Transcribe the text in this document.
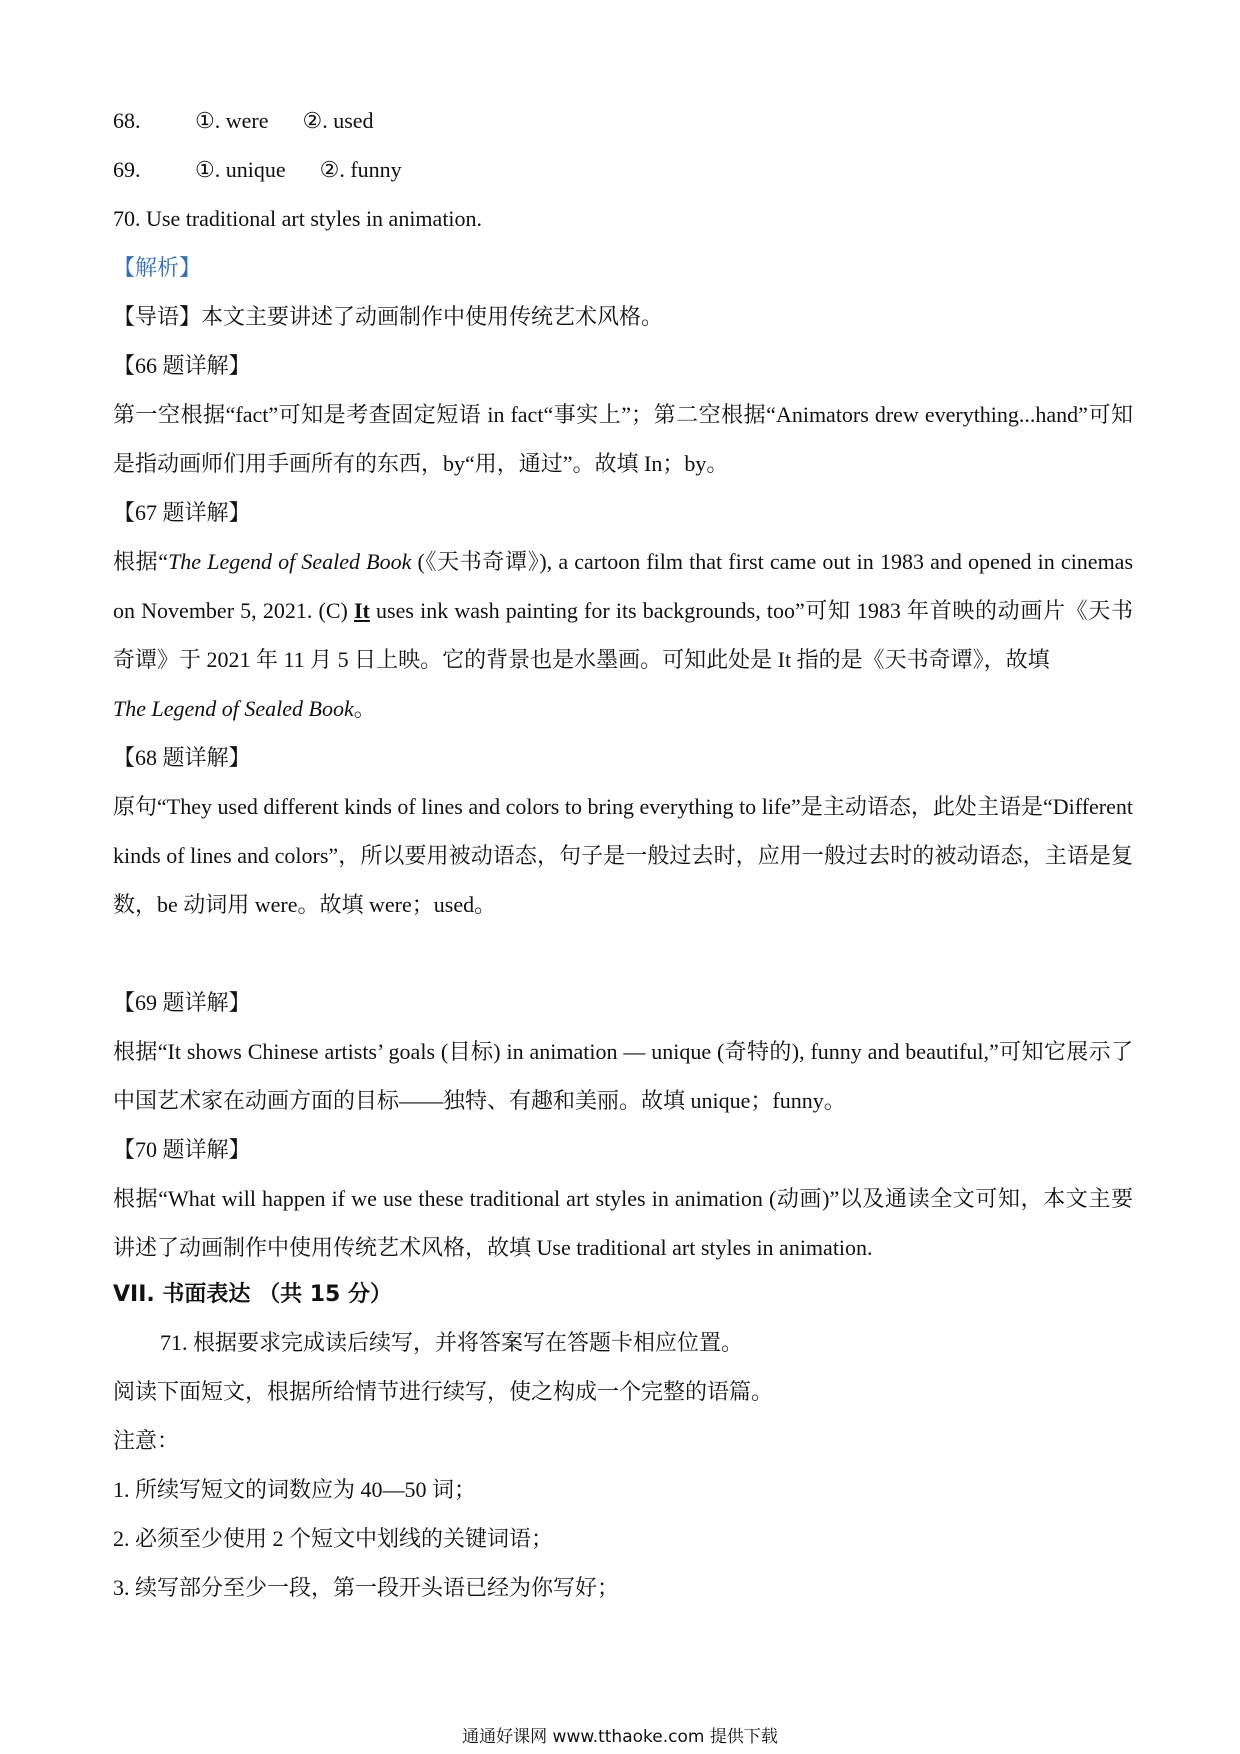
68. ①. were ②. used
69. ①. unique ②. funny
70. Use traditional art styles in animation.
【解析】
【导语】本文主要讲述了动画制作中使用传统艺术风格。
【66 题详解】
第一空根据“fact”可知是考查固定短语 in fact“事实上”；第二空根据“Animators drew everything...hand”可知是指动画师们用手画所有的东西，by“用，通过”。故填 In；by。
【67 题详解】
根据“The Legend of Sealed Book (《天书奇谭》), a cartoon film that first came out in 1983 and opened in cinemas on November 5, 2021. (C) It uses ink wash painting for its backgrounds, too”可知 1983 年首映的动画片《天书奇谭》于 2021 年 11 月 5 日上映。它的背景也是水墨画。可知此处是 It 指的是《天书奇谭》，故填
The Legend of Sealed Book。
【68 题详解】
原句“They used different kinds of lines and colors to bring everything to life”是主动语态，此处主语是“Different kinds of lines and colors”，所以要用被动语态，句子是一般过去时，应用一般过去时的被动语态，主语是复数，be 动词用 were。故填 were；used。
【69 题详解】
根据“It shows Chinese artists’ goals (目标) in animation — unique (奇特的), funny and beautiful,”可知它展示了中国艺术家在动画方面的目标——独特、有趣和美丽。故填 unique；funny。
【70 题详解】
根据“What will happen if we use these traditional art styles in animation (动画)”以及通读全文可知，本文主要讲述了动画制作中使用传统艺术风格，故填 Use traditional art styles in animation.
VII. 书面表达 （共 15 分）
71. 根据要求完成读后续写，并将答案写在答题卡相应位置。
阅读下面短文，根据所给情节进行续写，使之构成一个完整的语篇。
注意：
1. 所续写短文的词数应为 40—50 词；
2. 必须至少使用 2 个短文中划线的关键词语；
3. 续写部分至少一段，第一段开头语已经为你写好；
通通好课网 www.tthaoke.com 提供下载
